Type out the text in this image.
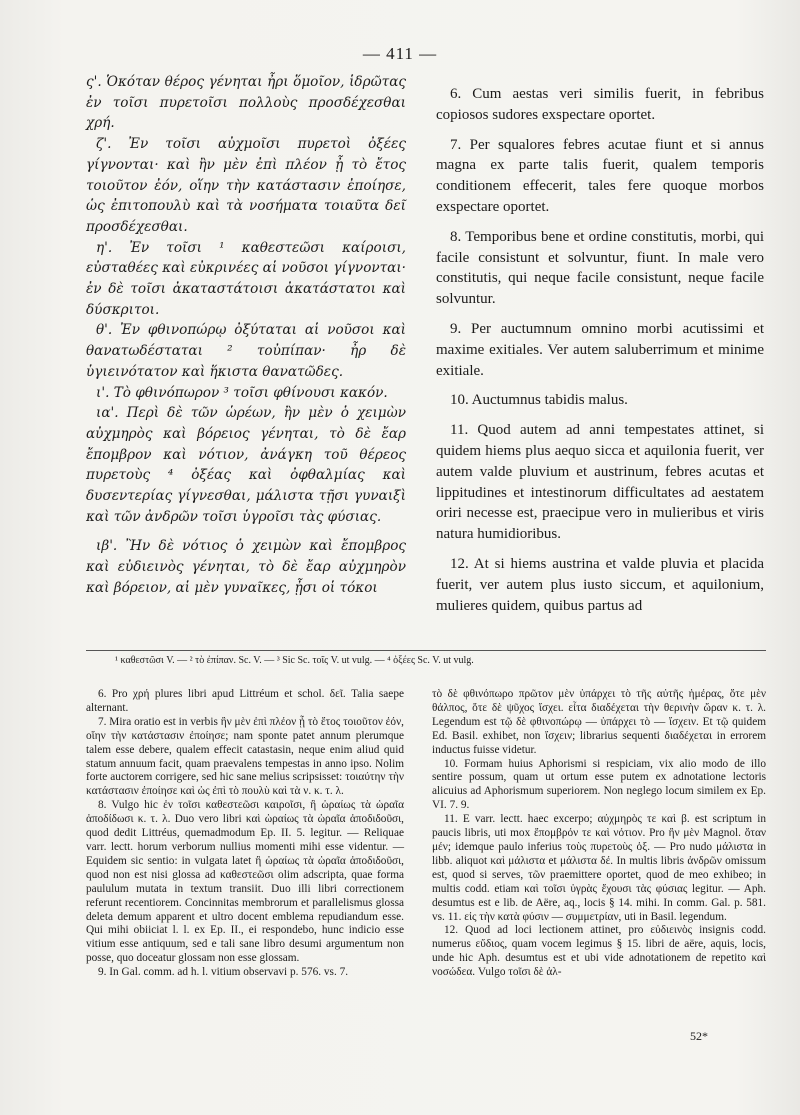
— 411 —

ς'. Ὁκόταν θέρος γένηται ἦρι ὅμοῖον, ἱδρῶτας ἐν τοῖσι πυρετοῖσι πολλοὺς προσδέχεσθαι χρή.

ζ'. Ἐν τοῖσι αὐχμοῖσι πυρετοὶ ὀξέες γίγνονται· καὶ ἢν μὲν ἐπὶ πλέον ᾖ τὸ ἔτος τοιοῦτον ἐόν, οἵην τὴν κατάστασιν ἐποίησε, ὡς ἐπιτοπουλὺ καὶ τὰ νοσήματα τοιαῦτα δεῖ προσδέχεσθαι.

η'. Ἐν τοῖσι ¹ καθεστεῶσι καίροισι, εὐσταθέες καὶ εὐκρινέες αἱ νοῦσοι γίγνονται· ἐν δὲ τοῖσι ἀκαταστάτοισι ἀκατάστατοι καὶ δύσκριτοι.

θ'. Ἐν φθινοπώρῳ ὀξύταται αἱ νοῦσοι καὶ θανατωδέσταται ² τοὐπίπαν· ἦρ δὲ ὑγιεινότατον καὶ ἥκιστα θανατῶδες.

ι'. Τὸ φθινόπωρον ³ τοῖσι φθίνουσι κακόν.

ια'. Περὶ δὲ τῶν ὡρέων, ἢν μὲν ὁ χειμὼν αὐχμηρὸς καὶ βόρειος γένηται, τὸ δὲ ἔαρ ἔπομβρον καὶ νότιον, ἀνάγκη τοῦ θέρεος πυρετοὺς ⁴ ὀξέας καὶ ὀφθαλμίας καὶ δυσεντερίας γίγνεσθαι, μάλιστα τῇσι γυναιξὶ καὶ τῶν ἀνδρῶν τοῖσι ὑγροῖσι τὰς φύσιας.

ιβ'. Ἢν δὲ νότιος ὁ χειμὼν καὶ ἔπομβρος καὶ εὐδιεινὸς γένηται, τὸ δὲ ἔαρ αὐχμηρὸν καὶ βόρειον, αἱ μὲν γυναῖκες, ᾖσι οἱ τόκοι

6. Cum aestas veri similis fuerit, in febribus copiosos sudores exspectare oportet.

7. Per squalores febres acutae fiunt et si annus magna ex parte talis fuerit, qualem temporis conditionem effecerit, tales fere quoque morbos exspectare oportet.

8. Temporibus bene et ordine constitutis, morbi, qui facile consistunt et solvuntur, fiunt. In male vero constitutis, qui neque facile consistunt, neque facile solvuntur.

9. Per auctumnum omnino morbi acutissimi et maxime exitiales. Ver autem saluberrimum et minime exitiale.

10. Auctumnus tabidis malus.

11. Quod autem ad anni tempestates attinet, si quidem hiems plus aequo sicca et aquilonia fuerit, ver autem valde pluvium et austrinum, febres acutas et lippitudines et intestinorum difficultates ad aestatem oriri necesse est, praecipue vero in mulieribus et viris natura humidioribus.

12. At si hiems austrina et valde pluvia et placida fuerit, ver autem plus iusto siccum, et aquilonium, mulieres quidem, quibus partus ad

¹ καθεστῶσι V. — ² τὸ ἐπίπαν. Sc. V. — ³ Sic Sc. τοῖς V. ut vulg. — ⁴ ὀξέες Sc. V. ut vulg.

6. Pro χρή plures libri apud Littréum et schol. δεῖ. Talia saepe alternant.

7. Mira oratio est in verbis ἢν μὲν ἐπὶ πλέον ᾖ τὸ ἔτος τοιοῦτον ἐόν, οἵην τὴν κατάστασιν ἐποίησε; nam sponte patet annum plerumque talem esse debere, qualem effecit catastasin, neque enim aliud quid statum annuum facit, quam praevalens tempestas in anno ipso. Nolim forte auctorem corrigere, sed hic sane melius scripsisset: τοιαύτην τὴν κατάστασιν ἐποίησε καὶ ὡς ἐπὶ τὸ πουλὺ καὶ τὰ ν. κ. τ. λ.

8. Vulgo hic ἐν τοῖσι καθεστεῶσι καιροῖσι, ἢ ὡραίως τὰ ὡραῖα ἀποδίδωσι κ. τ. λ. Duo vero libri καὶ ὡραίως τὰ ὡραῖα ἀποδιδοῦσι, quod dedit Littréus, quemadmodum Ep. II. 5. legitur. — Reliquae varr. lectt. horum verborum nullius momenti mihi esse videntur. — Equidem sic sentio: in vulgata latet ἢ ὡραίως τὰ ὡραῖα ἀποδιδοῦσι, quod non est nisi glossa ad καθεστεῶσι olim adscripta, quae forma paululum mutata in textum transiit. Duo illi libri correctionem referunt recentiorem. Concinnitas membrorum et parallelismus glossa deleta demum apparent et ultro docent emblema repudiandum esse. Qui mihi obiiciat l. l. ex Ep. II., ei respondebo, hunc indicio esse vitium esse antiquum, sed e tali sane libro desumi argumentum non posse, quo doceatur glossam non esse glossam.

9. In Gal. comm. ad h. l. vitium observavi p. 576. vs. 7.

τὸ δὲ φθινόπωρο πρῶτον μὲν ὑπάρχει τὸ τῆς αὐτῆς ἡμέρας, ὅτε μὲν θάλπος, ὅτε δὲ ψῦχος ἴσχει. εἶτα διαδέχεται τὴν θερινὴν ὥραν κ. τ. λ. Legendum est τῷ δὲ φθινοπώρῳ — ὑπάρχει τὸ — ἴσχειν. Et τῷ quidem Ed. Basil. exhibet, non ἴσχειν; librarius sequenti διαδέχεται in errorem inductus fuisse videtur.

10. Formam huius Aphorismi si respiciam, vix alio modo de illo sentire possum, quam ut ortum esse putem ex adnotatione lectoris alicuius ad Aphorismum superiorem. Non neglego locum similem ex Ep. VI. 7. 9.

11. E varr. lectt. haec excerpo; αὐχμηρὸς τε καὶ β. est scriptum in paucis libris, uti mox ἔπομβρόν τε καὶ νότιον. Pro ἢν μὲν Magnol. ὅταν μέν; idemque paulo inferius τοὺς πυρετοὺς ὀξ. — Pro nudo μάλιστα in libb. aliquot καὶ μάλιστα et μάλιστα δέ. In multis libris ἀνδρῶν omissum est, quod si serves, τῶν praemittere oportet, quod de meo exhibeo; in multis codd. etiam καὶ τοῖσι ὑγρὰς ἔχουσι τὰς φύσιας legitur. — Aph. desumtus est e lib. de Aëre, aq., locis § 14. mihi. In comm. Gal. p. 581. vs. 11. εἰς τὴν κατὰ φύσιν — συμμετρίαν, uti in Basil. legendum.

12. Quod ad loci lectionem attinet, pro εὐδιεινὸς insignis codd. numerus εὔδιος, quam vocem legimus § 15. libri de aëre, aquis, locis, unde hic Aph. desumtus est et ubi vide adnotationem de repetito καὶ νοσώδεα. Vulgo τοῖσι δὲ ἀλ-

52*
